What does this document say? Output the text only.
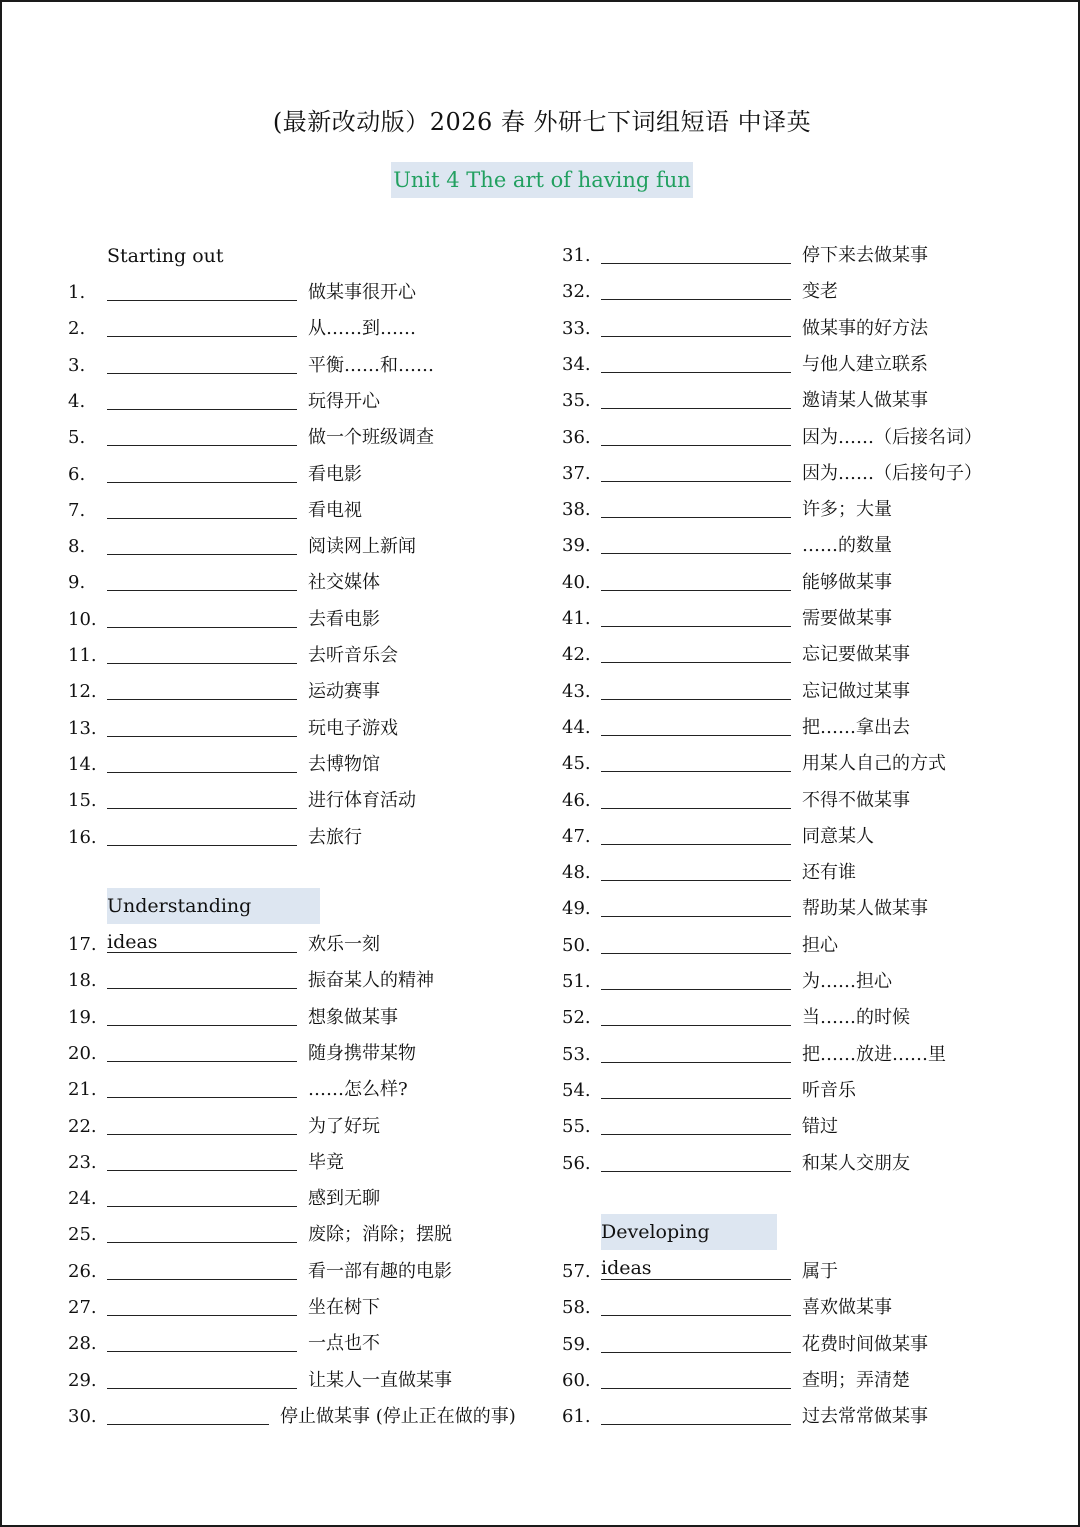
(最新改动版）2026 春 外研七下词组短语 中译英
Unit 4 The art of having fun
Starting out
Understanding ideas
Developing ideas
1.	做某事很开心
2.	从……到……
3.	平衡……和……
4.	玩得开心
5.	做一个班级调查
6.	看电影
7.	看电视
8.	阅读网上新闻
9.	社交媒体
10.	去看电影
11.	去听音乐会
12.	运动赛事
13.	玩电子游戏
14.	去博物馆
15.	进行体育活动
16.	去旅行
17.	欢乐一刻
18.	振奋某人的精神
19.	想象做某事
20.	随身携带某物
21.	……怎么样?
22.	为了好玩
23.	毕竟
24.	感到无聊
25.	废除；消除；摆脱
26.	看一部有趣的电影
27.	坐在树下
28.	一点也不
29.	让某人一直做某事
30.	停止做某事 (停止正在做的事)
31.	停下来去做某事
32.	变老
33.	做某事的好方法
34.	与他人建立联系
35.	邀请某人做某事
36.	因为……（后接名词）
37.	因为……（后接句子）
38.	许多；大量
39.	……的数量
40.	能够做某事
41.	需要做某事
42.	忘记要做某事
43.	忘记做过某事
44.	把……拿出去
45.	用某人自己的方式
46.	不得不做某事
47.	同意某人
48.	还有谁
49.	帮助某人做某事
50.	担心
51.	为……担心
52.	当……的时候
53.	把……放进……里
54.	听音乐
55.	错过
56.	和某人交朋友
57.	属于
58.	喜欢做某事
59.	花费时间做某事
60.	查明；弄清楚
61.	过去常常做某事
